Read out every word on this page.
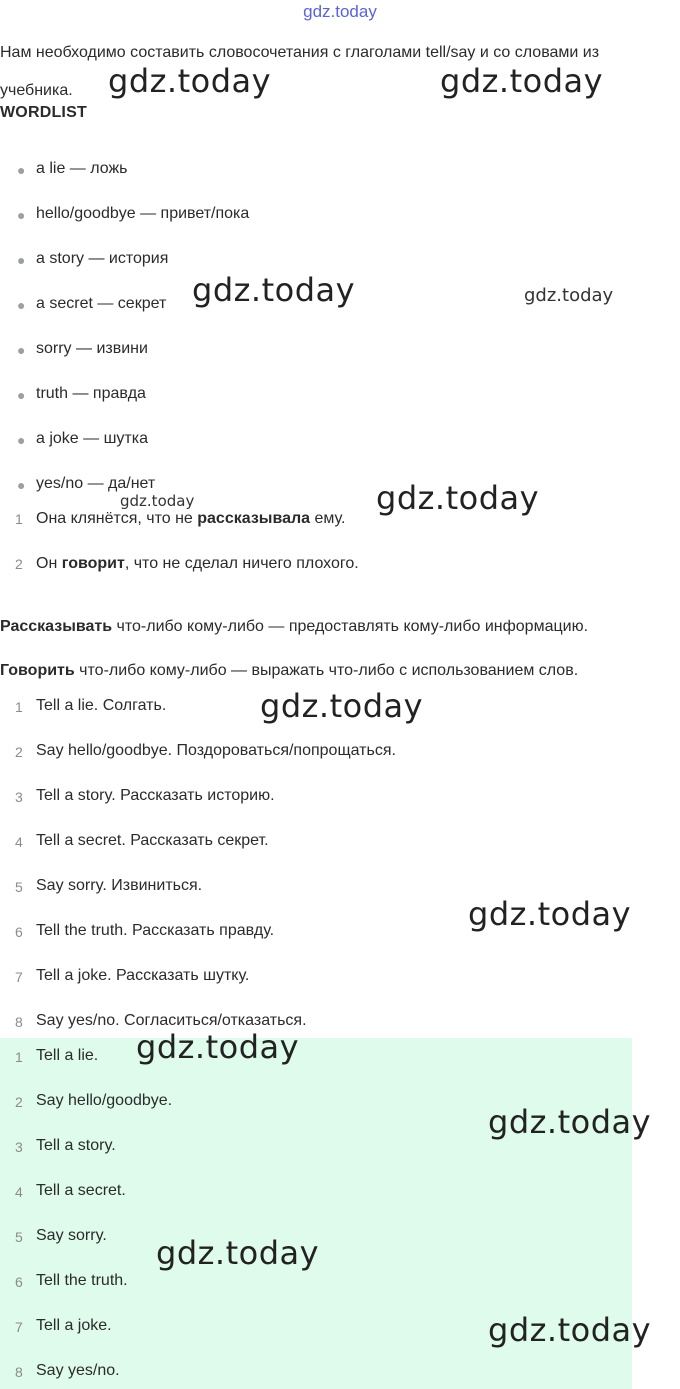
gdz.today
Нам необходимо составить словосочетания с глаголами tell/say и со словами из учебника.
WORDLIST
● a lie — ложь
● hello/goodbye — привет/пока
● a story — история
● a secret — секрет
● sorry — извини
● truth — правда
● a joke — шутка
● yes/no — да/нет
1 Она клянётся, что не рассказывала ему.
2 Он говорит, что не сделал ничего плохого.
Рассказывать что-либо кому-либо — предоставлять кому-либо информацию.
Говорить что-либо кому-либо — выражать что-либо с использованием слов.
1 Tell a lie. Солгать.
2 Say hello/goodbye. Поздороваться/попрощаться.
3 Tell a story. Рассказать историю.
4 Tell a secret. Рассказать секрет.
5 Say sorry. Извиниться.
6 Tell the truth. Рассказать правду.
7 Tell a joke. Рассказать шутку.
8 Say yes/no. Согласиться/отказаться.
1 Tell a lie.
2 Say hello/goodbye.
3 Tell a story.
4 Tell a secret.
5 Say sorry.
6 Tell the truth.
7 Tell a joke.
8 Say yes/no.
gdz.today	gdz.today
gdz.today	gdz.today
gdz.today
gdz.today
gdz.today
gdz.today
gdz.today
gdz.today
gdz.today
gdz.today
